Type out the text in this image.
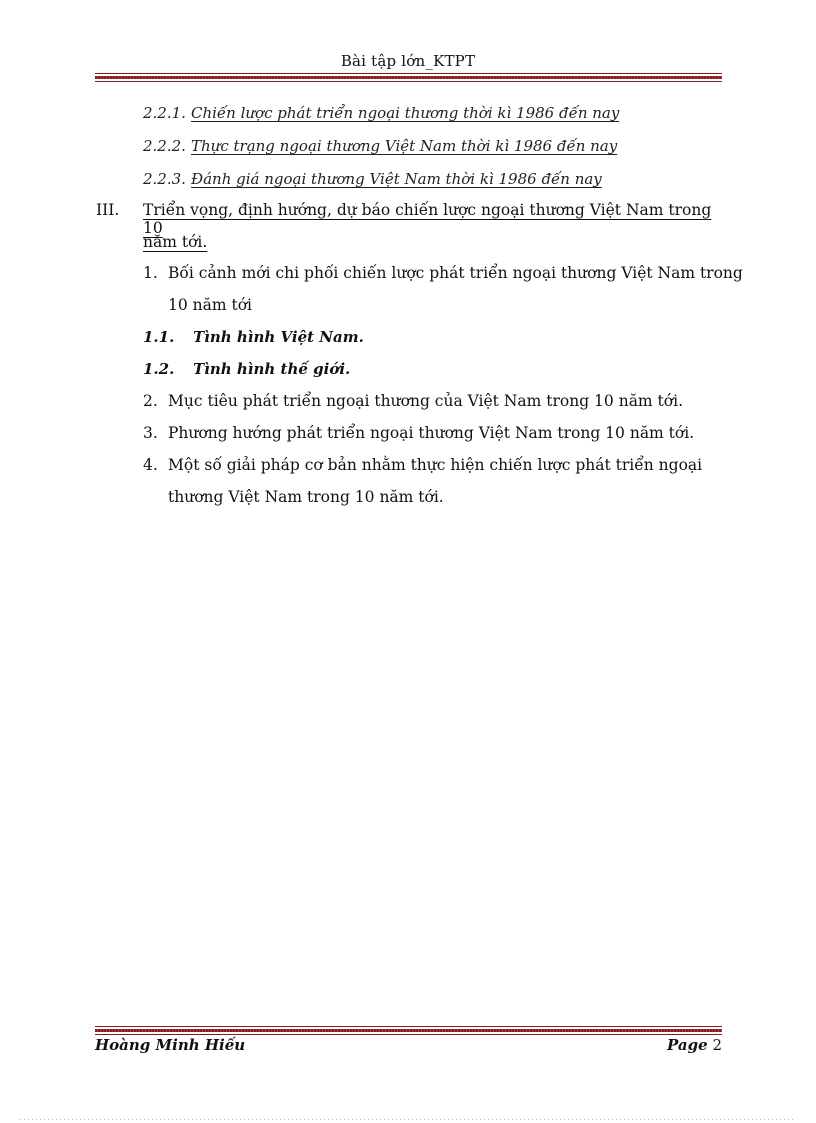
Bài tập lớn_KTPT
2.2.1. Chiến lược phát triển ngoại thương thời kì 1986 đến nay
2.2.2. Thực trạng ngoại thương Việt Nam thời kì 1986 đến nay
2.2.3. Đánh giá ngoại thương Việt Nam thời kì 1986 đến nay
III. Triển vọng, định hướng, dự báo chiến lược ngoại thương Việt Nam trong 10
năm tới.
1. Bối cảnh mới chi phối chiến lược phát triển ngoại thương Việt Nam trong
10 năm tới
1.1. Tình hình Việt Nam.
1.2. Tình hình thế giới.
2. Mục tiêu phát triển ngoại thương của Việt Nam trong 10 năm tới.
3. Phương hướng phát triển ngoại thương Việt Nam trong 10 năm tới.
4. Một số giải pháp cơ bản nhằm thực hiện chiến lược phát triển ngoại
thương Việt Nam trong 10 năm tới.
Hoàng Minh Hiếu	Page 2
